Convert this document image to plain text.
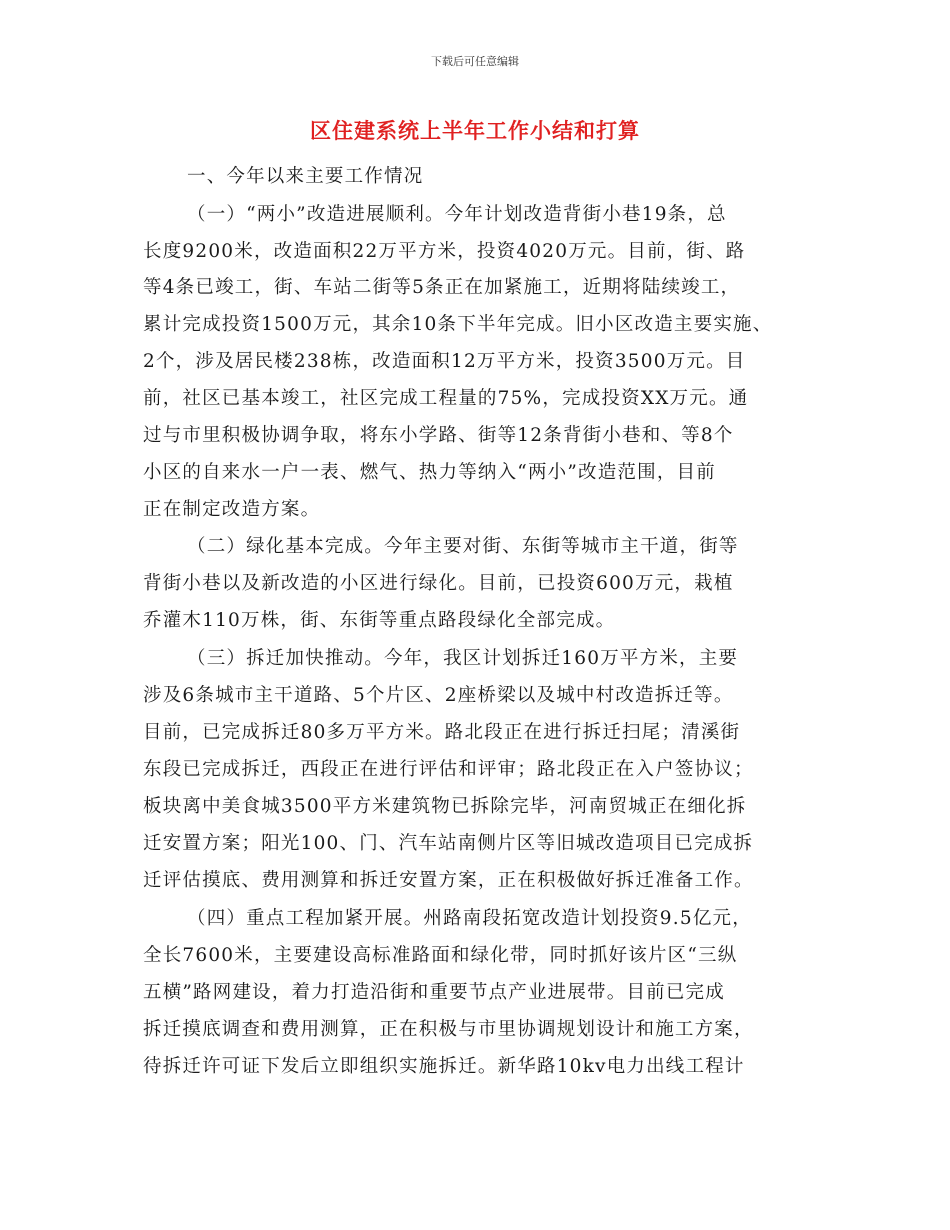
下载后可任意编辑
区住建系统上半年工作小结和打算
一、今年以来主要工作情况
（一）“两小”改造进展顺利。今年计划改造背街小巷19条，总
长度9200米，改造面积22万平方米，投资4020万元。目前，街、路
等4条已竣工，街、车站二街等5条正在加紧施工，近期将陆续竣工，
累计完成投资1500万元，其余10条下半年完成。旧小区改造主要实施、
2个，涉及居民楼238栋，改造面积12万平方米，投资3500万元。目
前，社区已基本竣工，社区完成工程量的75%，完成投资XX万元。通
过与市里积极协调争取，将东小学路、街等12条背街小巷和、等8个
小区的自来水一户一表、燃气、热力等纳入“两小”改造范围，目前
正在制定改造方案。
（二）绿化基本完成。今年主要对街、东街等城市主干道，街等
背街小巷以及新改造的小区进行绿化。目前，已投资600万元，栽植
乔灌木110万株，街、东街等重点路段绿化全部完成。
（三）拆迁加快推动。今年，我区计划拆迁160万平方米，主要
涉及6条城市主干道路、5个片区、2座桥梁以及城中村改造拆迁等。
目前，已完成拆迁80多万平方米。路北段正在进行拆迁扫尾；清溪街
东段已完成拆迁，西段正在进行评估和评审；路北段正在入户签协议；
板块离中美食城3500平方米建筑物已拆除完毕，河南贸城正在细化拆
迁安置方案；阳光100、门、汽车站南侧片区等旧城改造项目已完成拆
迁评估摸底、费用测算和拆迁安置方案，正在积极做好拆迁准备工作。
（四）重点工程加紧开展。州路南段拓宽改造计划投资9.5亿元，
全长7600米，主要建设高标准路面和绿化带，同时抓好该片区“三纵
五横”路网建设，着力打造沿街和重要节点产业进展带。目前已完成
拆迁摸底调查和费用测算，正在积极与市里协调规划设计和施工方案，
待拆迁许可证下发后立即组织实施拆迁。新华路10kv电力出线工程计
